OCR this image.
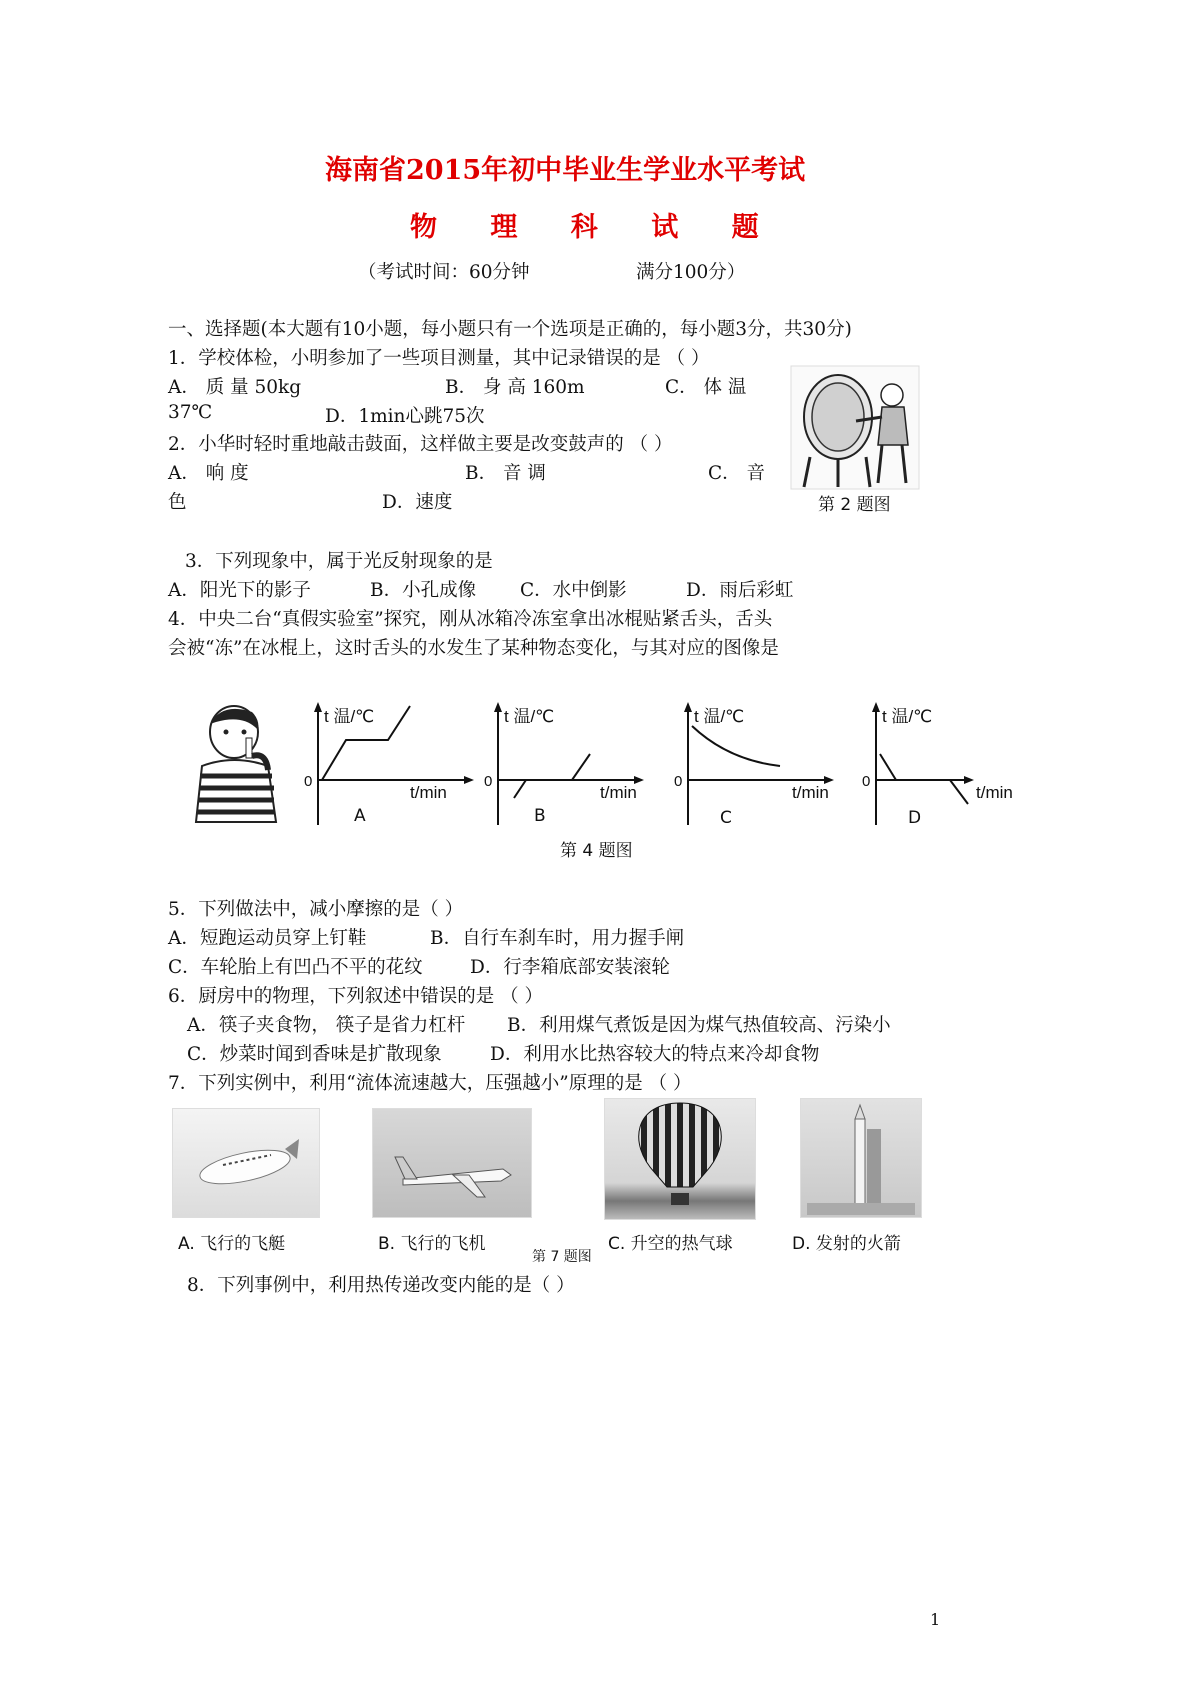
海南省2015年初中毕业生学业水平考试
物 理 科 试 题
（考试时间：60分钟	满分100分）
一、选择题(本大题有10小题，每小题只有一个选项是正确的，每小题3分，共30分)
1．学校体检，小明参加了一些项目测量，其中记录错误的是 （ ）
A． 质 量 50kg	B． 身 高 160m	C． 体 温
37℃	D．1min心跳75次
2．小华时轻时重地敲击鼓面，这样做主要是改变鼓声的 （ ）
A． 响 度	B． 音 调	C． 音
色	D．速度	第 2 题图
3．下列现象中，属于光反射现象的是
A．阳光下的影子	B．小孔成像 C．水中倒影	D．雨后彩虹
4．中央二台“真假实验室”探究，刚从冰箱冷冻室拿出冰棍贴紧舌头，舌头
会被“冻”在冰棍上，这时舌头的水发生了某种物态变化，与其对应的图像是
t 温/℃
0
t/min
A
t 温/℃
0
t/min
B
t 温/℃
0
t/min
C
t 温/℃
0
t/min
D
第 4 题图
5．下列做法中，减小摩擦的是（ ）
A．短跑运动员穿上钉鞋	B．自行车刹车时，用力握手闸
C．车轮胎上有凹凸不平的花纹	D．行李箱底部安装滚轮
6．厨房中的物理，下列叙述中错误的是 （ ）
A．筷子夹食物， 筷子是省力杠杆 B．利用煤气煮饭是因为煤气热值较高、污染小
C．炒菜时闻到香味是扩散现象	D．利用水比热容较大的特点来冷却食物
7．下列实例中，利用“流体流速越大，压强越小”原理的是 （ ）
A. 飞行的飞艇	B. 飞行的飞机	C. 升空的热气球	D. 发射的火箭
第 7 题图
8．下列事例中，利用热传递改变内能的是（ ）
1
